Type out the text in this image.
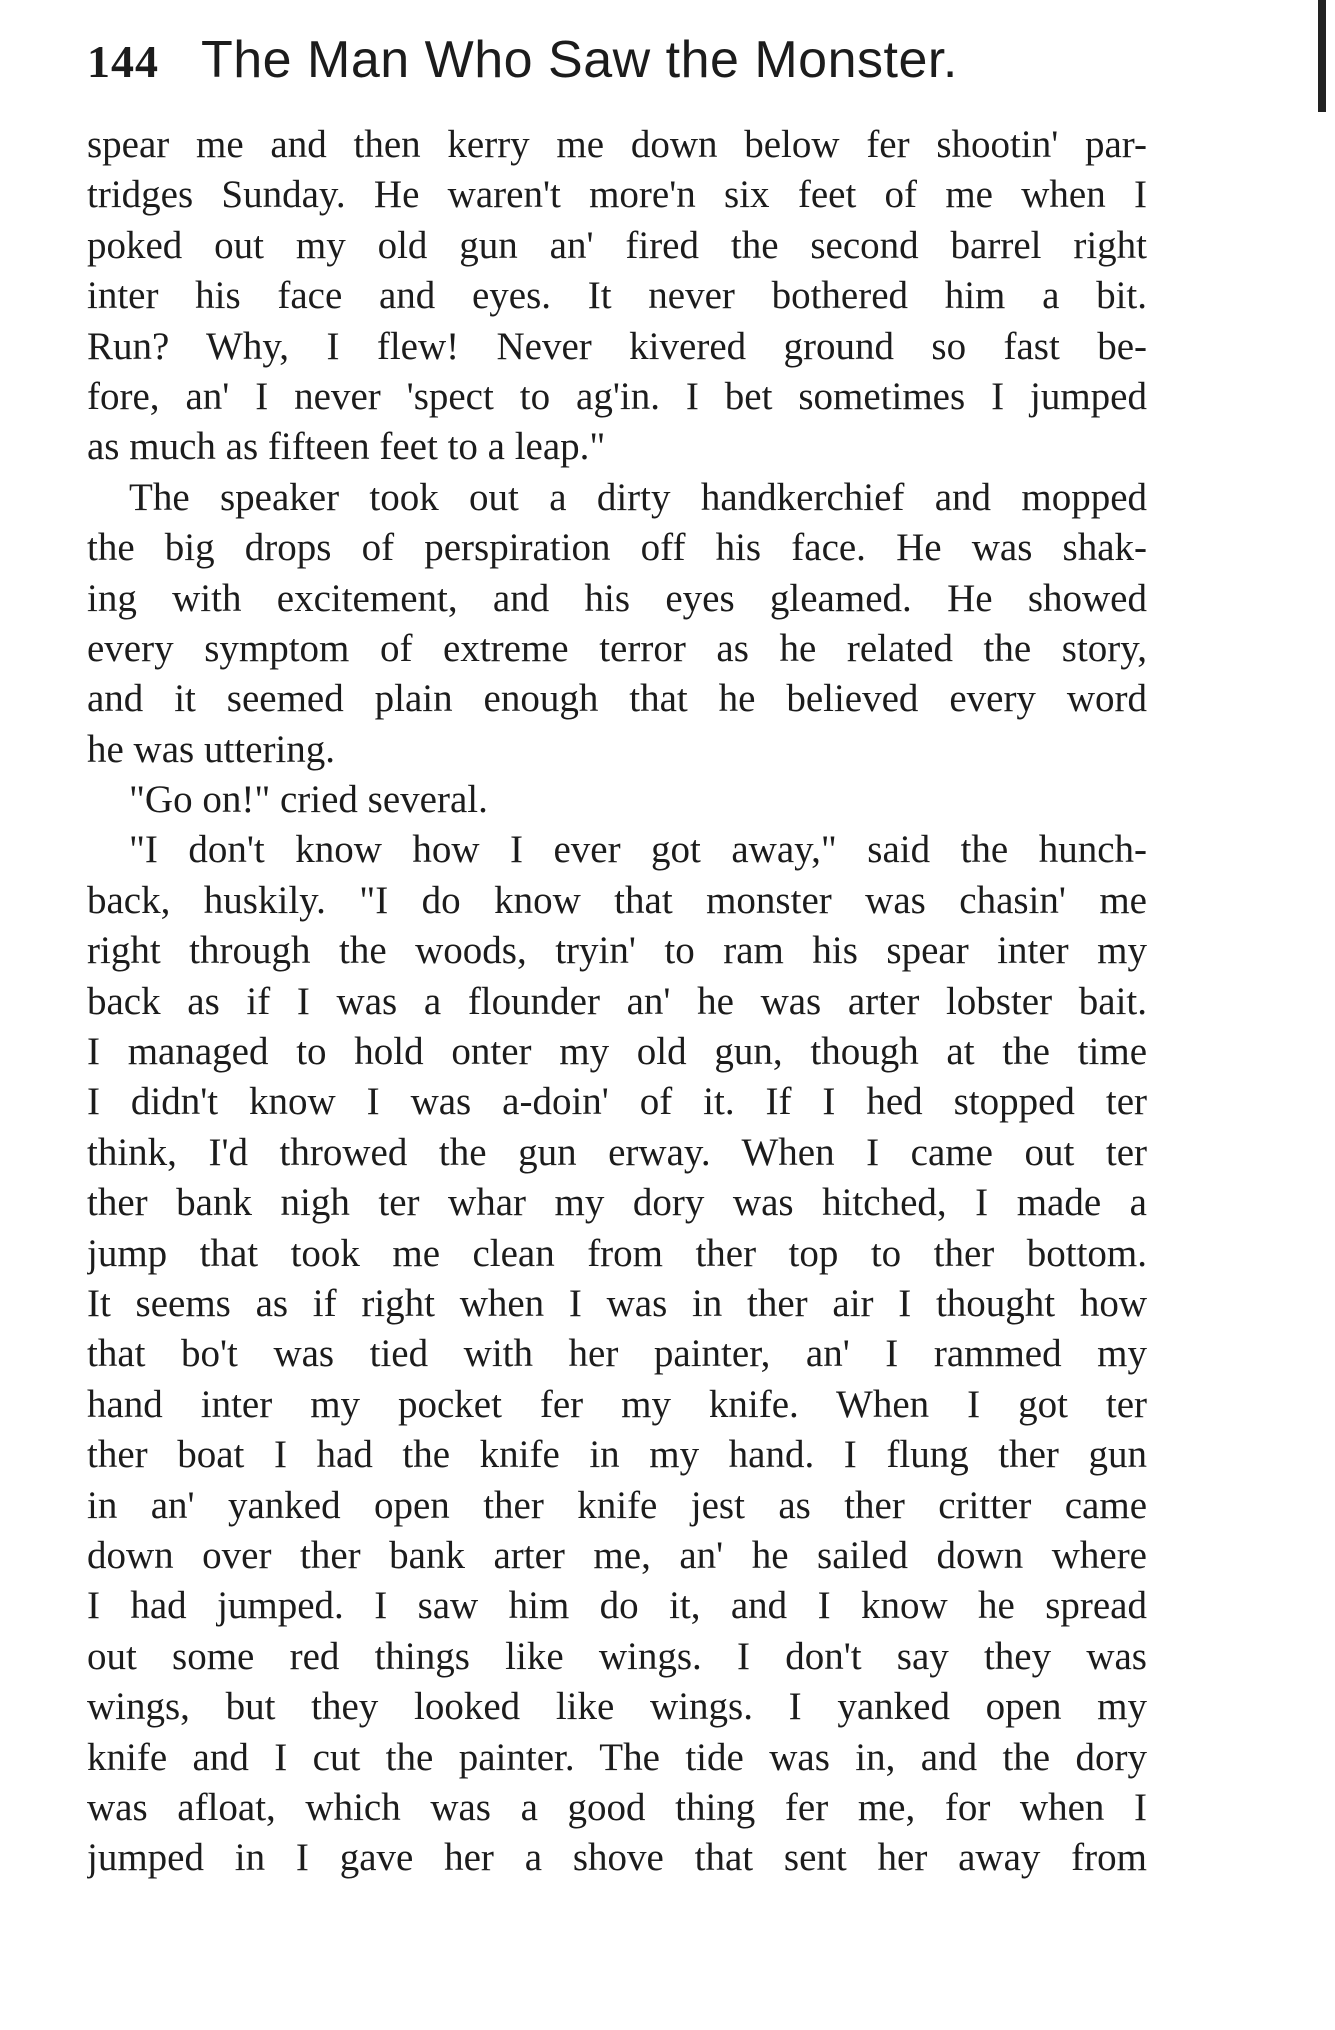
144 The Man Who Saw the Monster.
spear me and then kerry me down below fer shootin' par-
tridges Sunday. He waren't more'n six feet of me when I
poked out my old gun an' fired the second barrel right
inter his face and eyes. It never bothered him a bit.
Run? Why, I flew! Never kivered ground so fast be-
fore, an' I never 'spect to ag'in. I bet sometimes I jumped
as much as fifteen feet to a leap."
The speaker took out a dirty handkerchief and mopped
the big drops of perspiration off his face. He was shak-
ing with excitement, and his eyes gleamed. He showed
every symptom of extreme terror as he related the story,
and it seemed plain enough that he believed every word
he was uttering.
"Go on!" cried several.
"I don't know how I ever got away," said the hunch-
back, huskily. "I do know that monster was chasin' me
right through the woods, tryin' to ram his spear inter my
back as if I was a flounder an' he was arter lobster bait.
I managed to hold onter my old gun, though at the time
I didn't know I was a-doin' of it. If I hed stopped ter
think, I'd throwed the gun erway. When I came out ter
ther bank nigh ter whar my dory was hitched, I made a
jump that took me clean from ther top to ther bottom.
It seems as if right when I was in ther air I thought how
that bo't was tied with her painter, an' I rammed my
hand inter my pocket fer my knife. When I got ter
ther boat I had the knife in my hand. I flung ther gun
in an' yanked open ther knife jest as ther critter came
down over ther bank arter me, an' he sailed down where
I had jumped. I saw him do it, and I know he spread
out some red things like wings. I don't say they was
wings, but they looked like wings. I yanked open my
knife and I cut the painter. The tide was in, and the dory
was afloat, which was a good thing fer me, for when I
jumped in I gave her a shove that sent her away from
